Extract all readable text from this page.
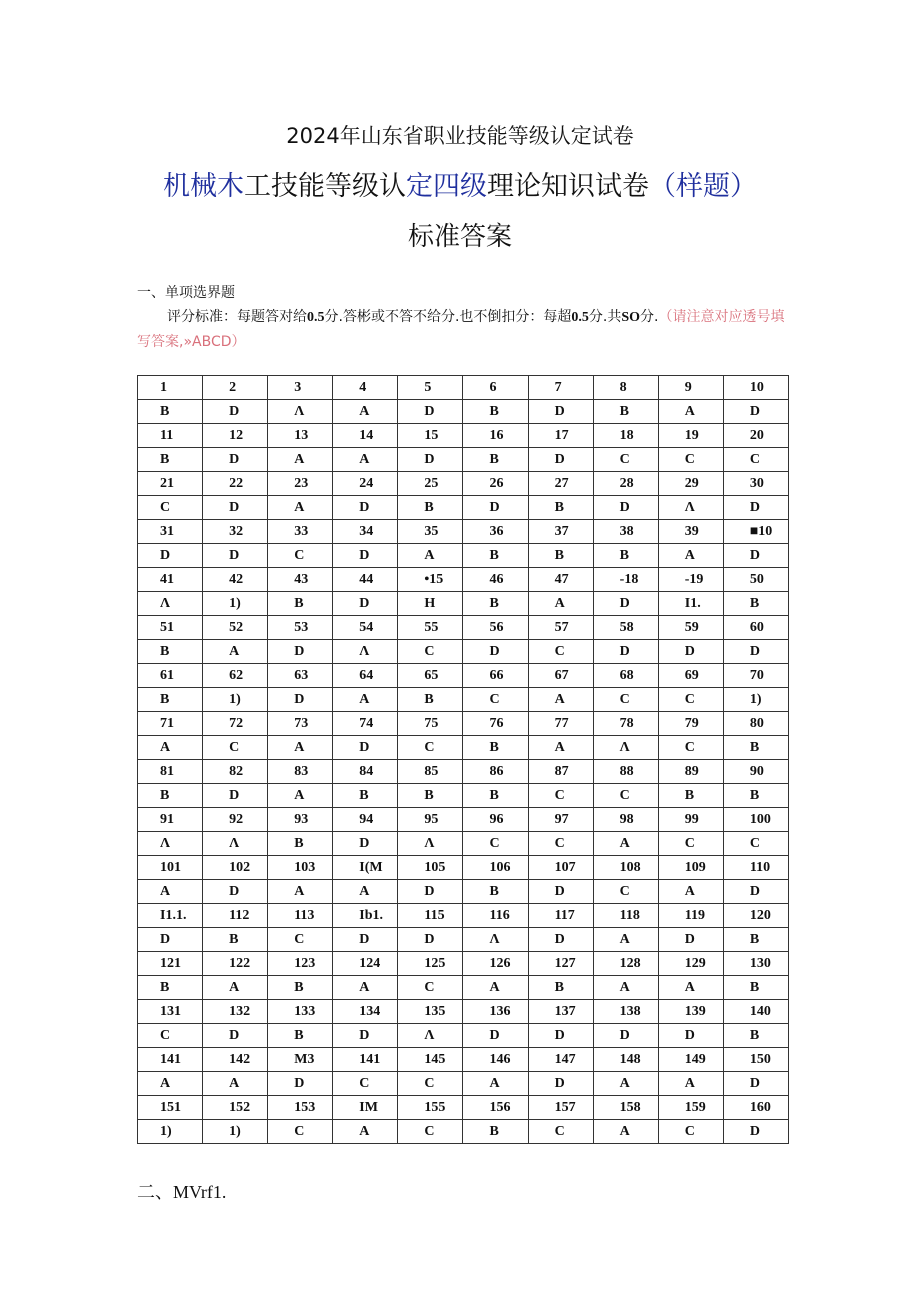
2024年山东省职业技能等级认定试卷
机械木工技能等级认定四级理论知识试卷（样题）
标准答案
一、单项选界题
评分标准：每题答对给0.5分.答彬或不答不给分.也不倒扣分：每超0.5分.共SO分.（请注意对应透号填写答案,»ABCD）
1	2	3	4	5	6	7	8	9	10
B	D	Λ	A	D	B	D	B	A	D
11	12	13	14	15	16	17	18	19	20
B	D	A	A	D	B	D	C	C	C
21	22	23	24	25	26	27	28	29	30
C	D	A	D	B	D	B	D	Λ	D
31	32	33	34	35	36	37	38	39	■10
D	D	C	D	A	B	B	B	A	D
41	42	43	44	•15	46	47	-18	-19	50
Λ	1)	B	D	H	B	A	D	I1.	B
51	52	53	54	55	56	57	58	59	60
B	A	D	Λ	C	D	C	D	D	D
61	62	63	64	65	66	67	68	69	70
B	1)	D	A	B	C	A	C	C	1)
71	72	73	74	75	76	77	78	79	80
A	C	A	D	C	B	A	Λ	C	B
81	82	83	84	85	86	87	88	89	90
B	D	A	B	B	B	C	C	B	B
91	92	93	94	95	96	97	98	99	100
Λ	Λ	B	D	Λ	C	C	A	C	C
101	102	103	I(M	105	106	107	108	109	110
A	D	A	A	D	B	D	C	A	D
I1.1.	112	113	Ib1.	115	116	117	118	119	120
D	B	C	D	D	Λ	D	A	D	B
121	122	123	124	125	126	127	128	129	130
B	A	B	A	C	A	B	A	A	B
131	132	133	134	135	136	137	138	139	140
C	D	B	D	Λ	D	D	D	D	B
141	142	M3	141	145	146	147	148	149	150
A	A	D	C	C	A	D	A	A	D
151	152	153	IM	155	156	157	158	159	160
1)	1)	C	A	C	B	C	A	C	D
二、MVrf1.
